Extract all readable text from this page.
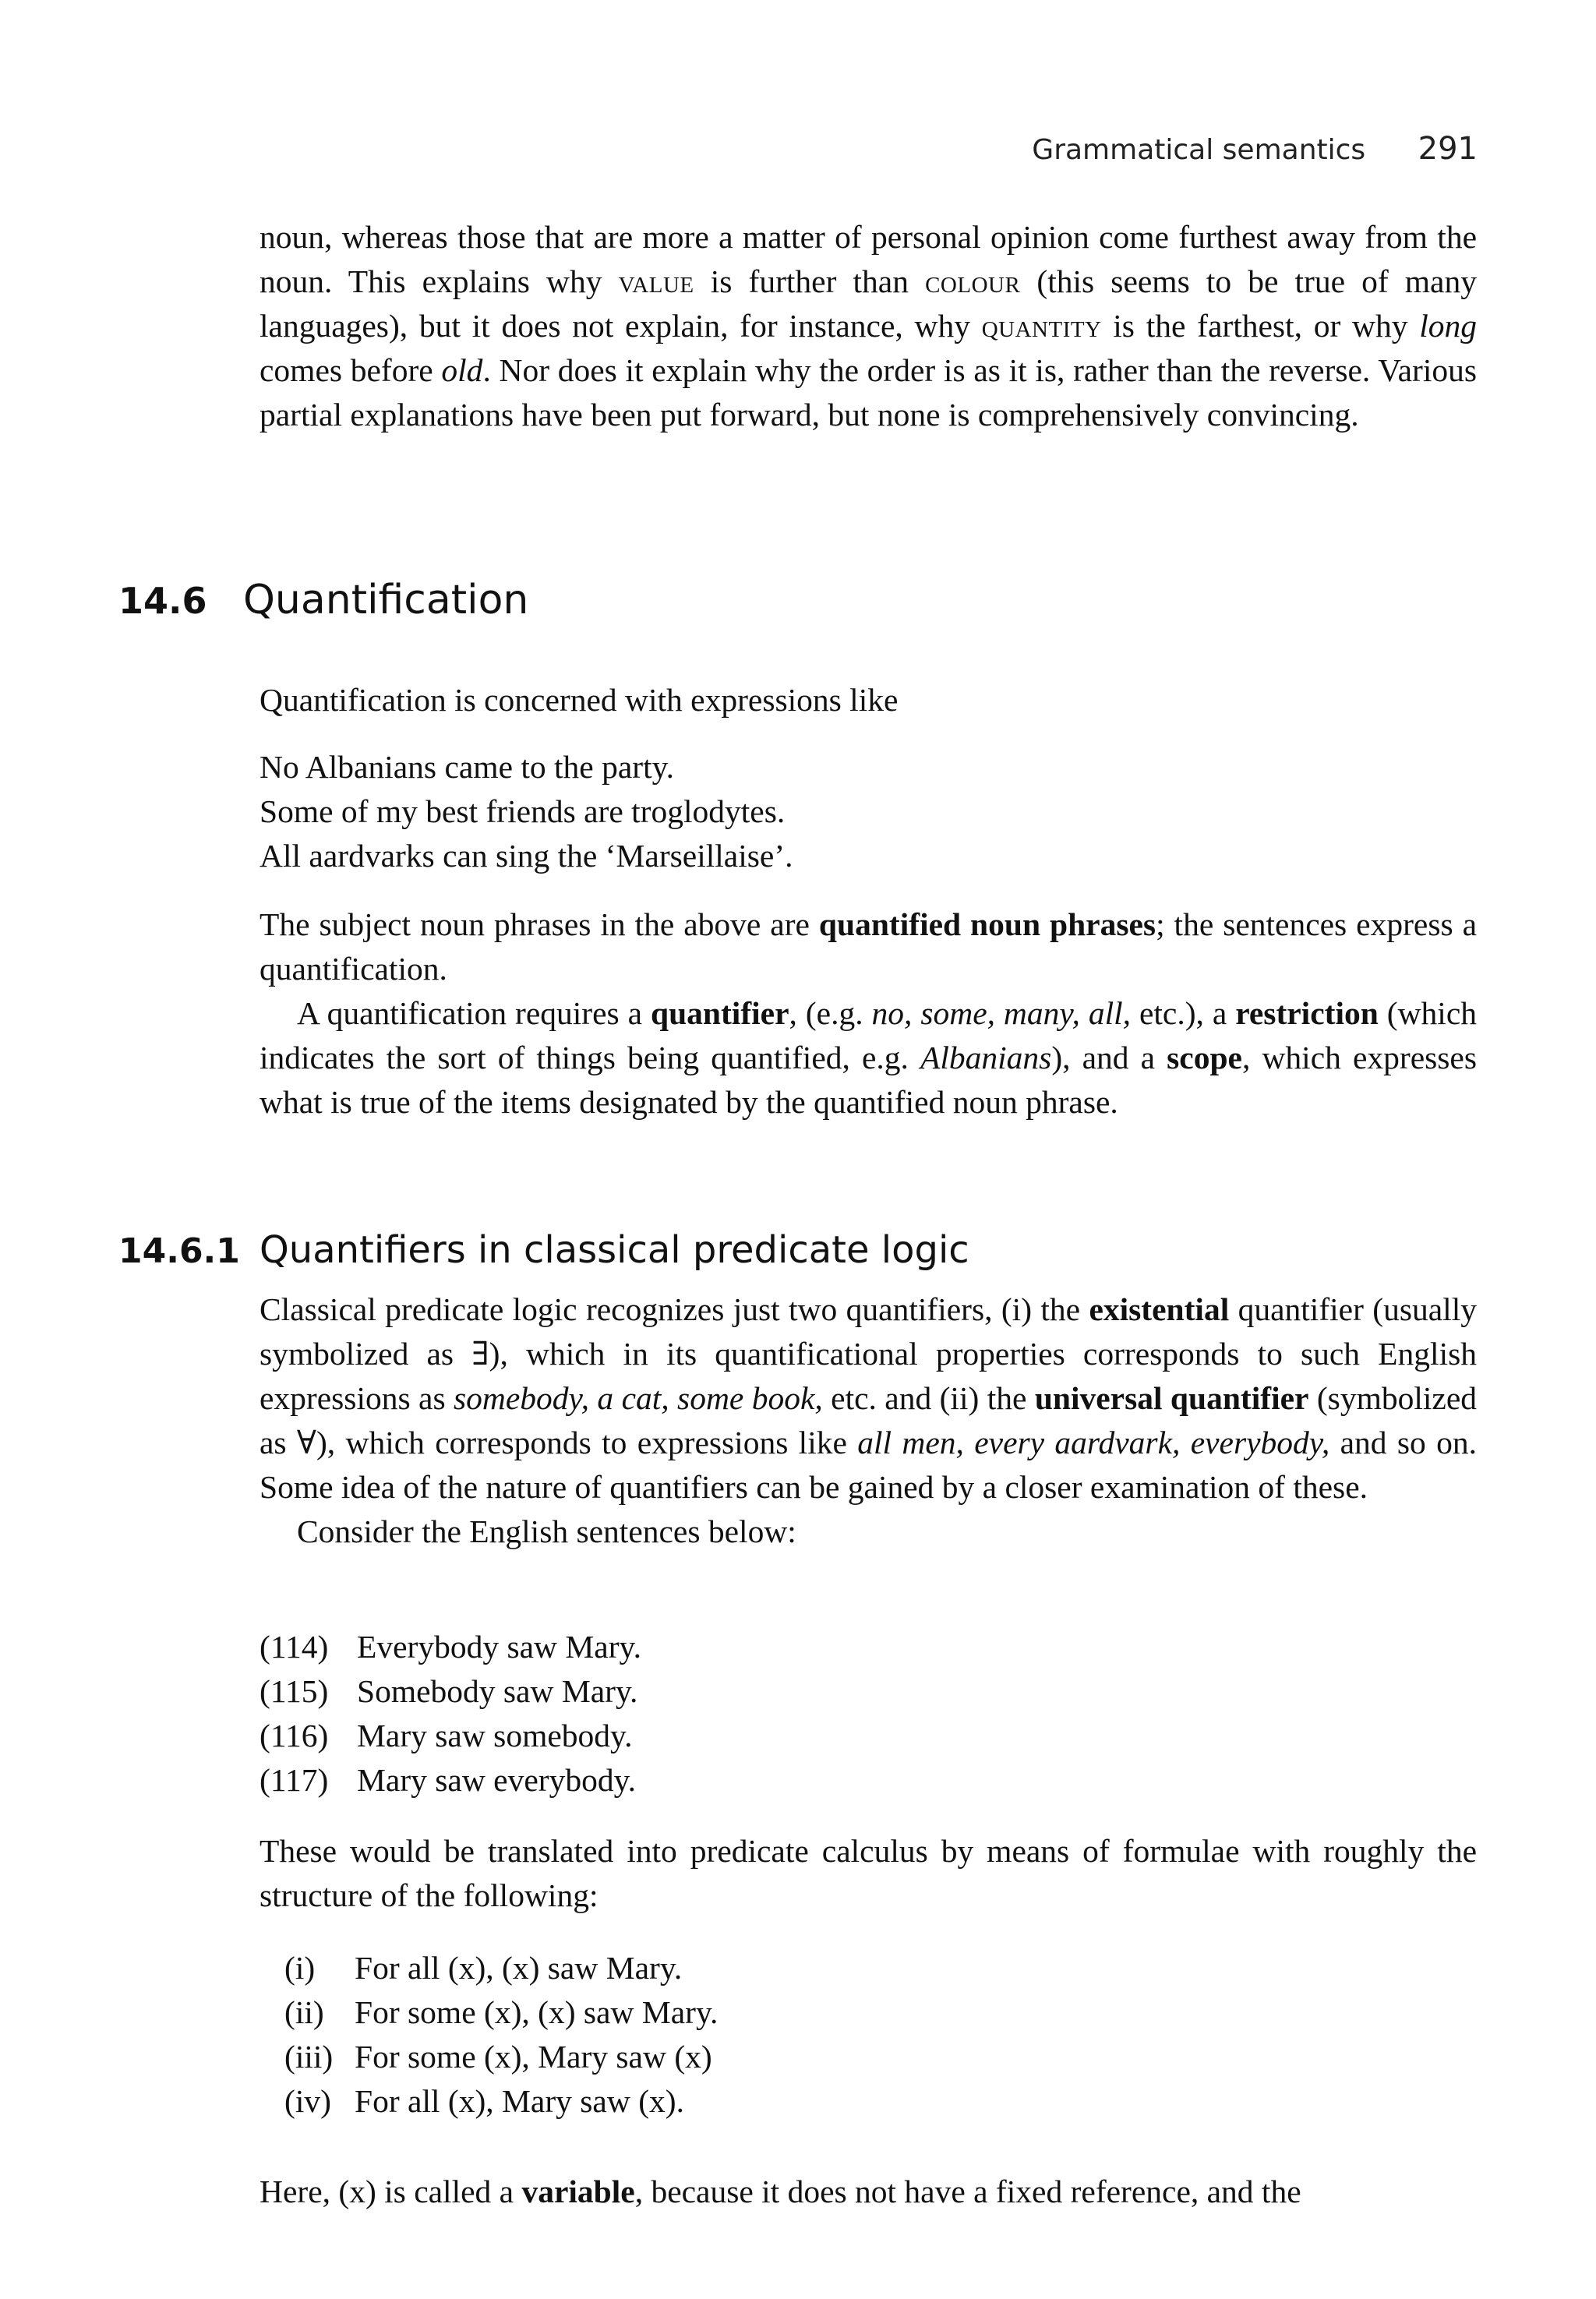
Grammatical semantics 291

noun, whereas those that are more a matter of personal opinion come furthest away from the noun. This explains why value is further than colour (this seems to be true of many languages), but it does not explain, for instance, why quantity is the farthest, or why long comes before old. Nor does it explain why the order is as it is, rather than the reverse. Various partial explanations have been put forward, but none is comprehensively convincing.

14.6 Quantification

Quantification is concerned with expressions like

No Albanians came to the party.
Some of my best friends are troglodytes.
All aardvarks can sing the ‘Marseillaise’.

The subject noun phrases in the above are quantified noun phrases; the sentences express a quantification.

A quantification requires a quantifier, (e.g. no, some, many, all, etc.), a restriction (which indicates the sort of things being quantified, e.g. Albanians), and a scope, which expresses what is true of the items designated by the quantified noun phrase.

14.6.1 Quantifiers in classical predicate logic

Classical predicate logic recognizes just two quantifiers, (i) the existential quantifier (usually symbolized as ∃), which in its quantificational properties corresponds to such English expressions as somebody, a cat, some book, etc. and (ii) the universal quantifier (symbolized as ∀), which corresponds to expressions like all men, every aardvark, everybody, and so on. Some idea of the nature of quantifiers can be gained by a closer examination of these.

Consider the English sentences below:

(114) Everybody saw Mary.
(115) Somebody saw Mary.
(116) Mary saw somebody.
(117) Mary saw everybody.

These would be translated into predicate calculus by means of formulae with roughly the structure of the following:

(i) For all (x), (x) saw Mary.
(ii) For some (x), (x) saw Mary.
(iii) For some (x), Mary saw (x)
(iv) For all (x), Mary saw (x).

Here, (x) is called a variable, because it does not have a fixed reference, and the
